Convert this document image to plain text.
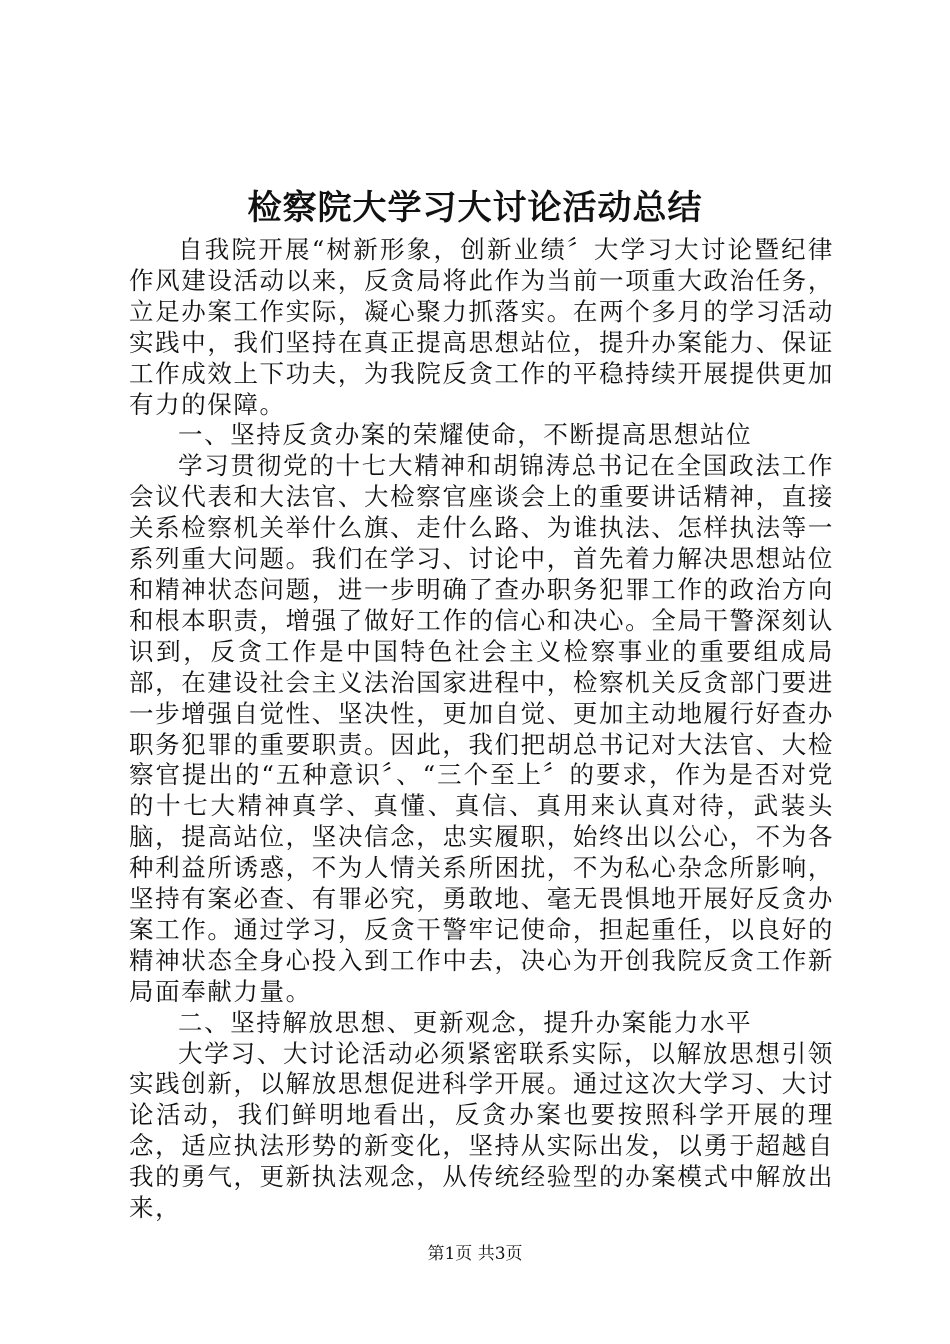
检察院大学习大讨论活动总结

自我院开展“树新形象，创新业绩〞大学习大讨论暨纪律作风建设活动以来，反贪局将此作为当前一项重大政治任务，立足办案工作实际，凝心聚力抓落实。在两个多月的学习活动实践中，我们坚持在真正提高思想站位，提升办案能力、保证工作成效上下功夫，为我院反贪工作的平稳持续开展提供更加有力的保障。

一、坚持反贪办案的荣耀使命，不断提高思想站位

学习贯彻党的十七大精神和胡锦涛总书记在全国政法工作会议代表和大法官、大检察官座谈会上的重要讲话精神，直接关系检察机关举什么旗、走什么路、为谁执法、怎样执法等一系列重大问题。我们在学习、讨论中，首先着力解决思想站位和精神状态问题，进一步明确了查办职务犯罪工作的政治方向和根本职责，增强了做好工作的信心和决心。全局干警深刻认识到，反贪工作是中国特色社会主义检察事业的重要组成局部，在建设社会主义法治国家进程中，检察机关反贪部门要进一步增强自觉性、坚决性，更加自觉、更加主动地履行好查办职务犯罪的重要职责。因此，我们把胡总书记对大法官、大检察官提出的“五种意识〞、“三个至上〞的要求，作为是否对党的十七大精神真学、真懂、真信、真用来认真对待，武装头脑，提高站位，坚决信念，忠实履职，始终出以公心，不为各种利益所诱惑，不为人情关系所困扰，不为私心杂念所影响，坚持有案必查、有罪必究，勇敢地、毫无畏惧地开展好反贪办案工作。通过学习，反贪干警牢记使命，担起重任，以良好的精神状态全身心投入到工作中去，决心为开创我院反贪工作新局面奉献力量。

二、坚持解放思想、更新观念，提升办案能力水平

大学习、大讨论活动必须紧密联系实际，以解放思想引领实践创新，以解放思想促进科学开展。通过这次大学习、大讨论活动，我们鲜明地看出，反贪办案也要按照科学开展的理念，适应执法形势的新变化，坚持从实际出发，以勇于超越自我的勇气，更新执法观念，从传统经验型的办案模式中解放出来，

第1页 共3页
